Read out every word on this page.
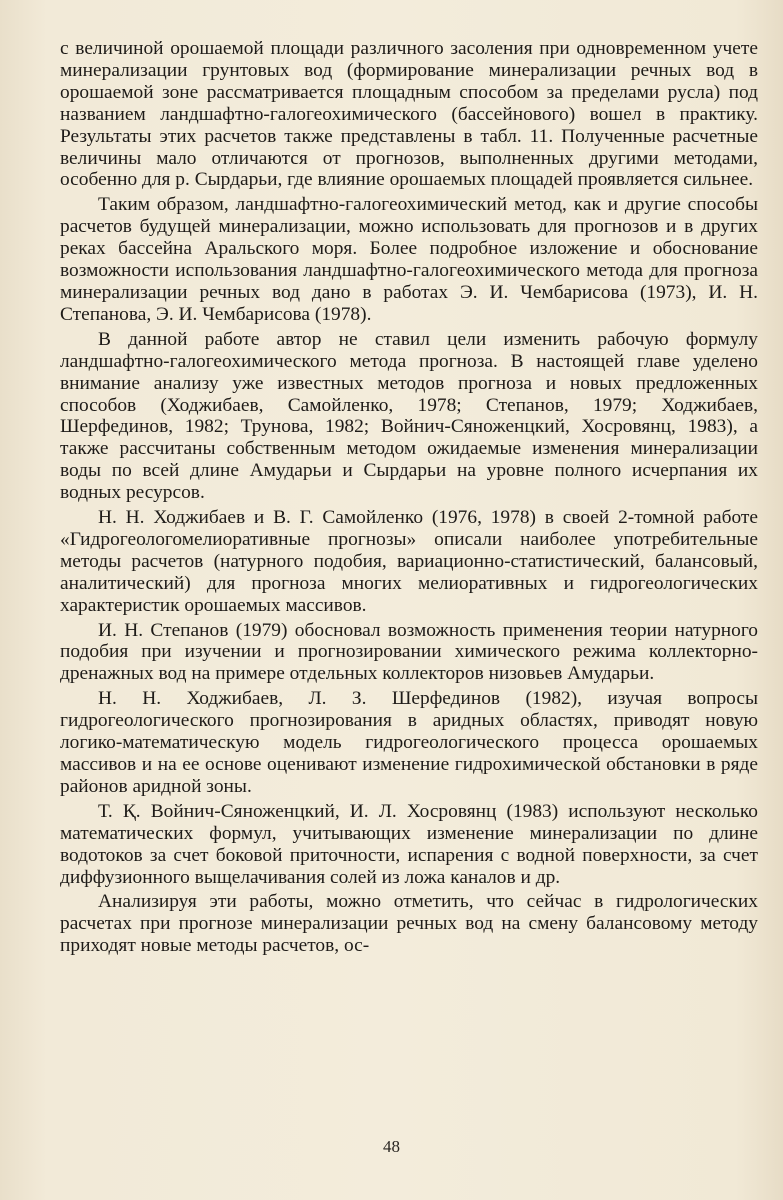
с величиной орошаемой площади различного засоления при одновременном учете минерализации грунтовых вод (формирование минерализации речных вод в орошаемой зоне рассматривается площадным способом за пределами русла) под названием ландшафтно-галогеохимического (бассейнового) вошел в практику. Результаты этих расчетов также представлены в табл. 11. Полученные расчетные величины мало отличаются от прогнозов, выполненных другими методами, особенно для р. Сырдарьи, где влияние орошаемых площадей проявляется сильнее.

Таким образом, ландшафтно-галогеохимический метод, как и другие способы расчетов будущей минерализации, можно использовать для прогнозов и в других реках бассейна Аральского моря. Более подробное изложение и обоснование возможности использования ландшафтно-галогеохимического метода для прогноза минерализации речных вод дано в работах Э. И. Чембарисова (1973), И. Н. Степанова, Э. И. Чембарисова (1978).

В данной работе автор не ставил цели изменить рабочую формулу ландшафтно-галогеохимического метода прогноза. В настоящей главе уделено внимание анализу уже известных методов прогноза и новых предложенных способов (Ходжибаев, Самойленко, 1978; Степанов, 1979; Ходжибаев, Шерфединов, 1982; Трунова, 1982; Войнич-Сяноженцкий, Хосровянц, 1983), а также рассчитаны собственным методом ожидаемые изменения минерализации воды по всей длине Амударьи и Сырдарьи на уровне полного исчерпания их водных ресурсов.

Н. Н. Ходжибаев и В. Г. Самойленко (1976, 1978) в своей 2-томной работе «Гидрогеологомелиоративные прогнозы» описали наиболее употребительные методы расчетов (натурного подобия, вариационно-статистический, балансовый, аналитический) для прогноза многих мелиоративных и гидрогеологических характеристик орошаемых массивов.

И. Н. Степанов (1979) обосновал возможность применения теории натурного подобия при изучении и прогнозировании химического режима коллекторно-дренажных вод на примере отдельных коллекторов низовьев Амударьи.

Н. Н. Ходжибаев, Л. З. Шерфединов (1982), изучая вопросы гидрогеологического прогнозирования в аридных областях, приводят новую логико-математическую модель гидрогеологического процесса орошаемых массивов и на ее основе оценивают изменение гидрохимической обстановки в ряде районов аридной зоны.

Т. Қ. Войнич-Сяноженцкий, И. Л. Хосровянц (1983) используют несколько математических формул, учитывающих изменение минерализации по длине водотоков за счет боковой приточности, испарения с водной поверхности, за счет диффузионного выщелачивания солей из ложа каналов и др.

Анализируя эти работы, можно отметить, что сейчас в гидрологических расчетах при прогнозе минерализации речных вод на смену балансовому методу приходят новые методы расчетов, ос-

48
